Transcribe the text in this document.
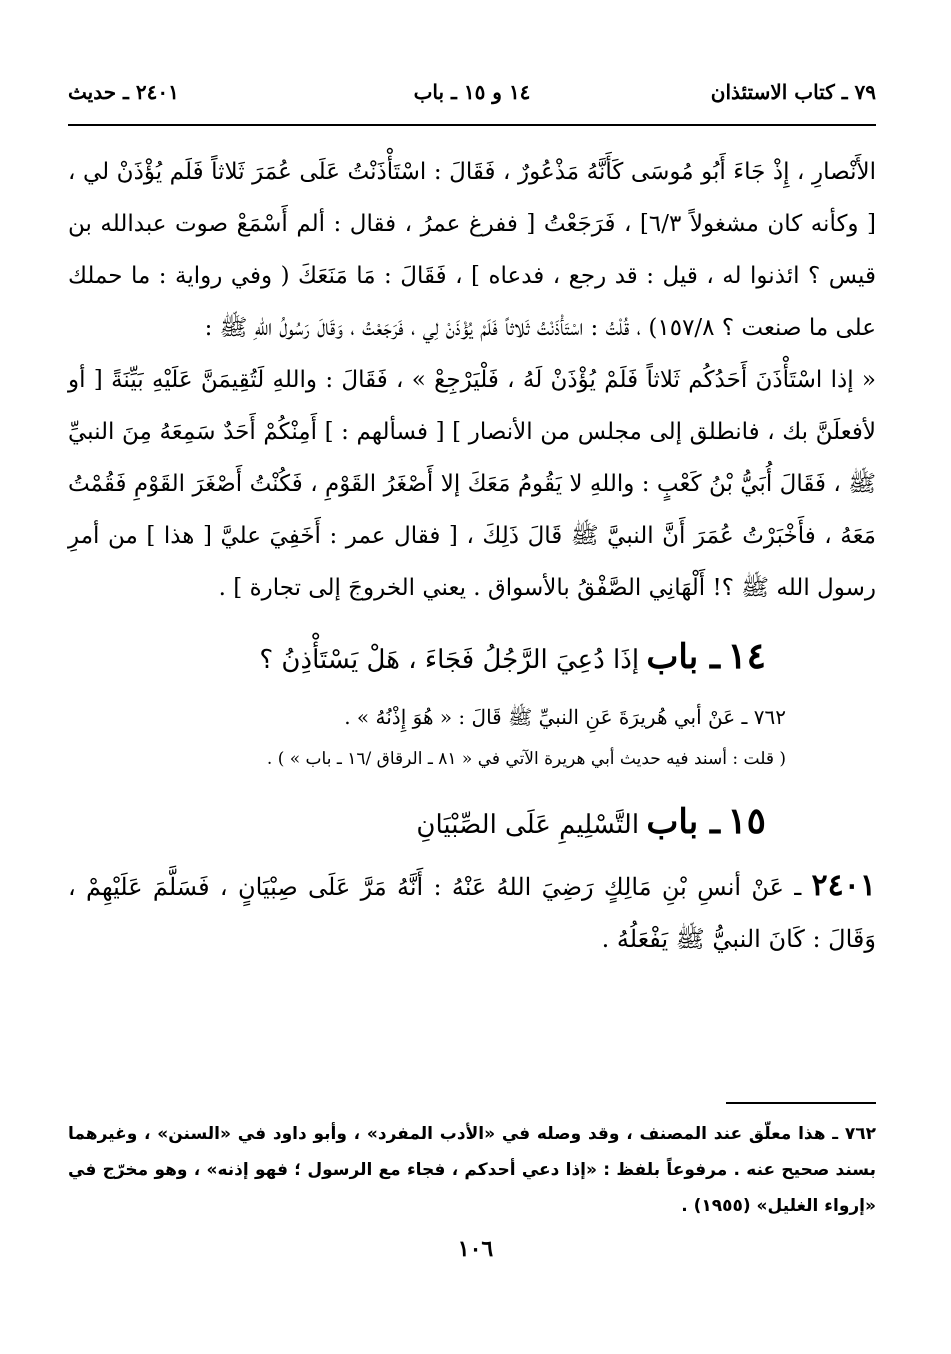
٧٩ ـ كتاب الاستئذان
١٤ و ١٥ ـ باب
٢٤٠١ ـ حديث

الأَنْصارِ ، إِذْ جَاءَ أَبُو مُوسَى كَأَنَّهُ مَذْعُورٌ ، فَقَالَ : اسْتَأْذَنْتُ عَلَى عُمَرَ ثَلاثاً فَلَم يُؤْذَنْ لي ، [ وكأنه كان مشغولاً ٦/٣] ، فَرَجَعْتُ [ ففرغ عمرُ ، فقال : ألم أَسْمَعْ صوت عبدالله بن قيس ؟ ائذنوا له ، قيل : قد رجع ، فدعاه ] ، فَقَالَ : مَا مَنَعَكَ ( وفي رواية : ما حملك على ما صنعت ؟ ١٥٧/٨) ، قُلْتُ : اسْتَأْذَنْتُ ثَلاثاً فَلَمْ يُؤْذَنْ لِي ، فَرَجَعْتُ ، وَقَالَ رَسُولُ اللهِ ﷺ :

« إذا اسْتَأْذَنَ أَحَدُكُم ثَلاثاً فَلَمْ يُؤْذَنْ لَهُ ، فَلْيَرْجِعْ » ، فَقَالَ : واللهِ لَتُقِيمَنَّ عَلَيْهِ بَيِّنَةً [ أو لأفعلَنَّ بك ، فانطلق إلى مجلس من الأنصار ] [ فسألهم : ] أَمِنْكُمْ أَحَدٌ سَمِعَهُ مِنَ النبيِّ ﷺ ، فَقَالَ أُبَيُّ بْنُ كَعْبٍ : واللهِ لا يَقُومُ مَعَكَ إلا أَصْغَرُ القَوْمِ ، فَكُنْتُ أَصْغَرَ القَوْمِ فَقُمْتُ مَعَهُ ، فأَخْبَرْتُ عُمَرَ أَنَّ النبيَّ ﷺ قَالَ ذَلِكَ ، [ فقال عمر : أَخَفِيَ عليَّ [ هذا ] من أمرِ رسول الله ﷺ ؟! أَلْهَانِي الصَّفْقُ بالأسواق . يعني الخروجَ إلى تجارة ] .

١٤ ـ باب إذَا دُعِيَ الرَّجُلُ فَجَاءَ ، هَلْ يَسْتَأْذِنُ ؟

٧٦٢ ـ عَنْ أبي هُريرَةَ عَنِ النبيِّ ﷺ قَالَ : « هُوَ إِذْنُهُ » .

( قلت : أسند فيه حديث أبي هريرة الآتي في « ٨١ ـ الرقاق /١٦ ـ باب » ) .

١٥ ـ باب التَّسْلِيمِ عَلَى الصِّبْيَانِ

٢٤٠١ ـ عَنْ أنسِ بْنِ مَالِكٍ رَضِيَ اللهُ عَنْهُ : أَنَّهُ مَرَّ عَلَى صِبْيَانٍ ، فَسَلَّمَ عَلَيْهِمْ ، وَقَالَ : كَانَ النبيُّ ﷺ يَفْعَلُهُ .

٧٦٢ ـ هذا معلّق عند المصنف ، وقد وصله في «الأدب المفرد» ، وأبو داود في «السنن» ، وغيرهما بسند صحيح عنه . مرفوعاً بلفظ : «إذا دعي أحدكم ، فجاء مع الرسول ؛ فهو إذنه» ، وهو مخرّج في «إرواء الغليل» (١٩٥٥) .

١٠٦
